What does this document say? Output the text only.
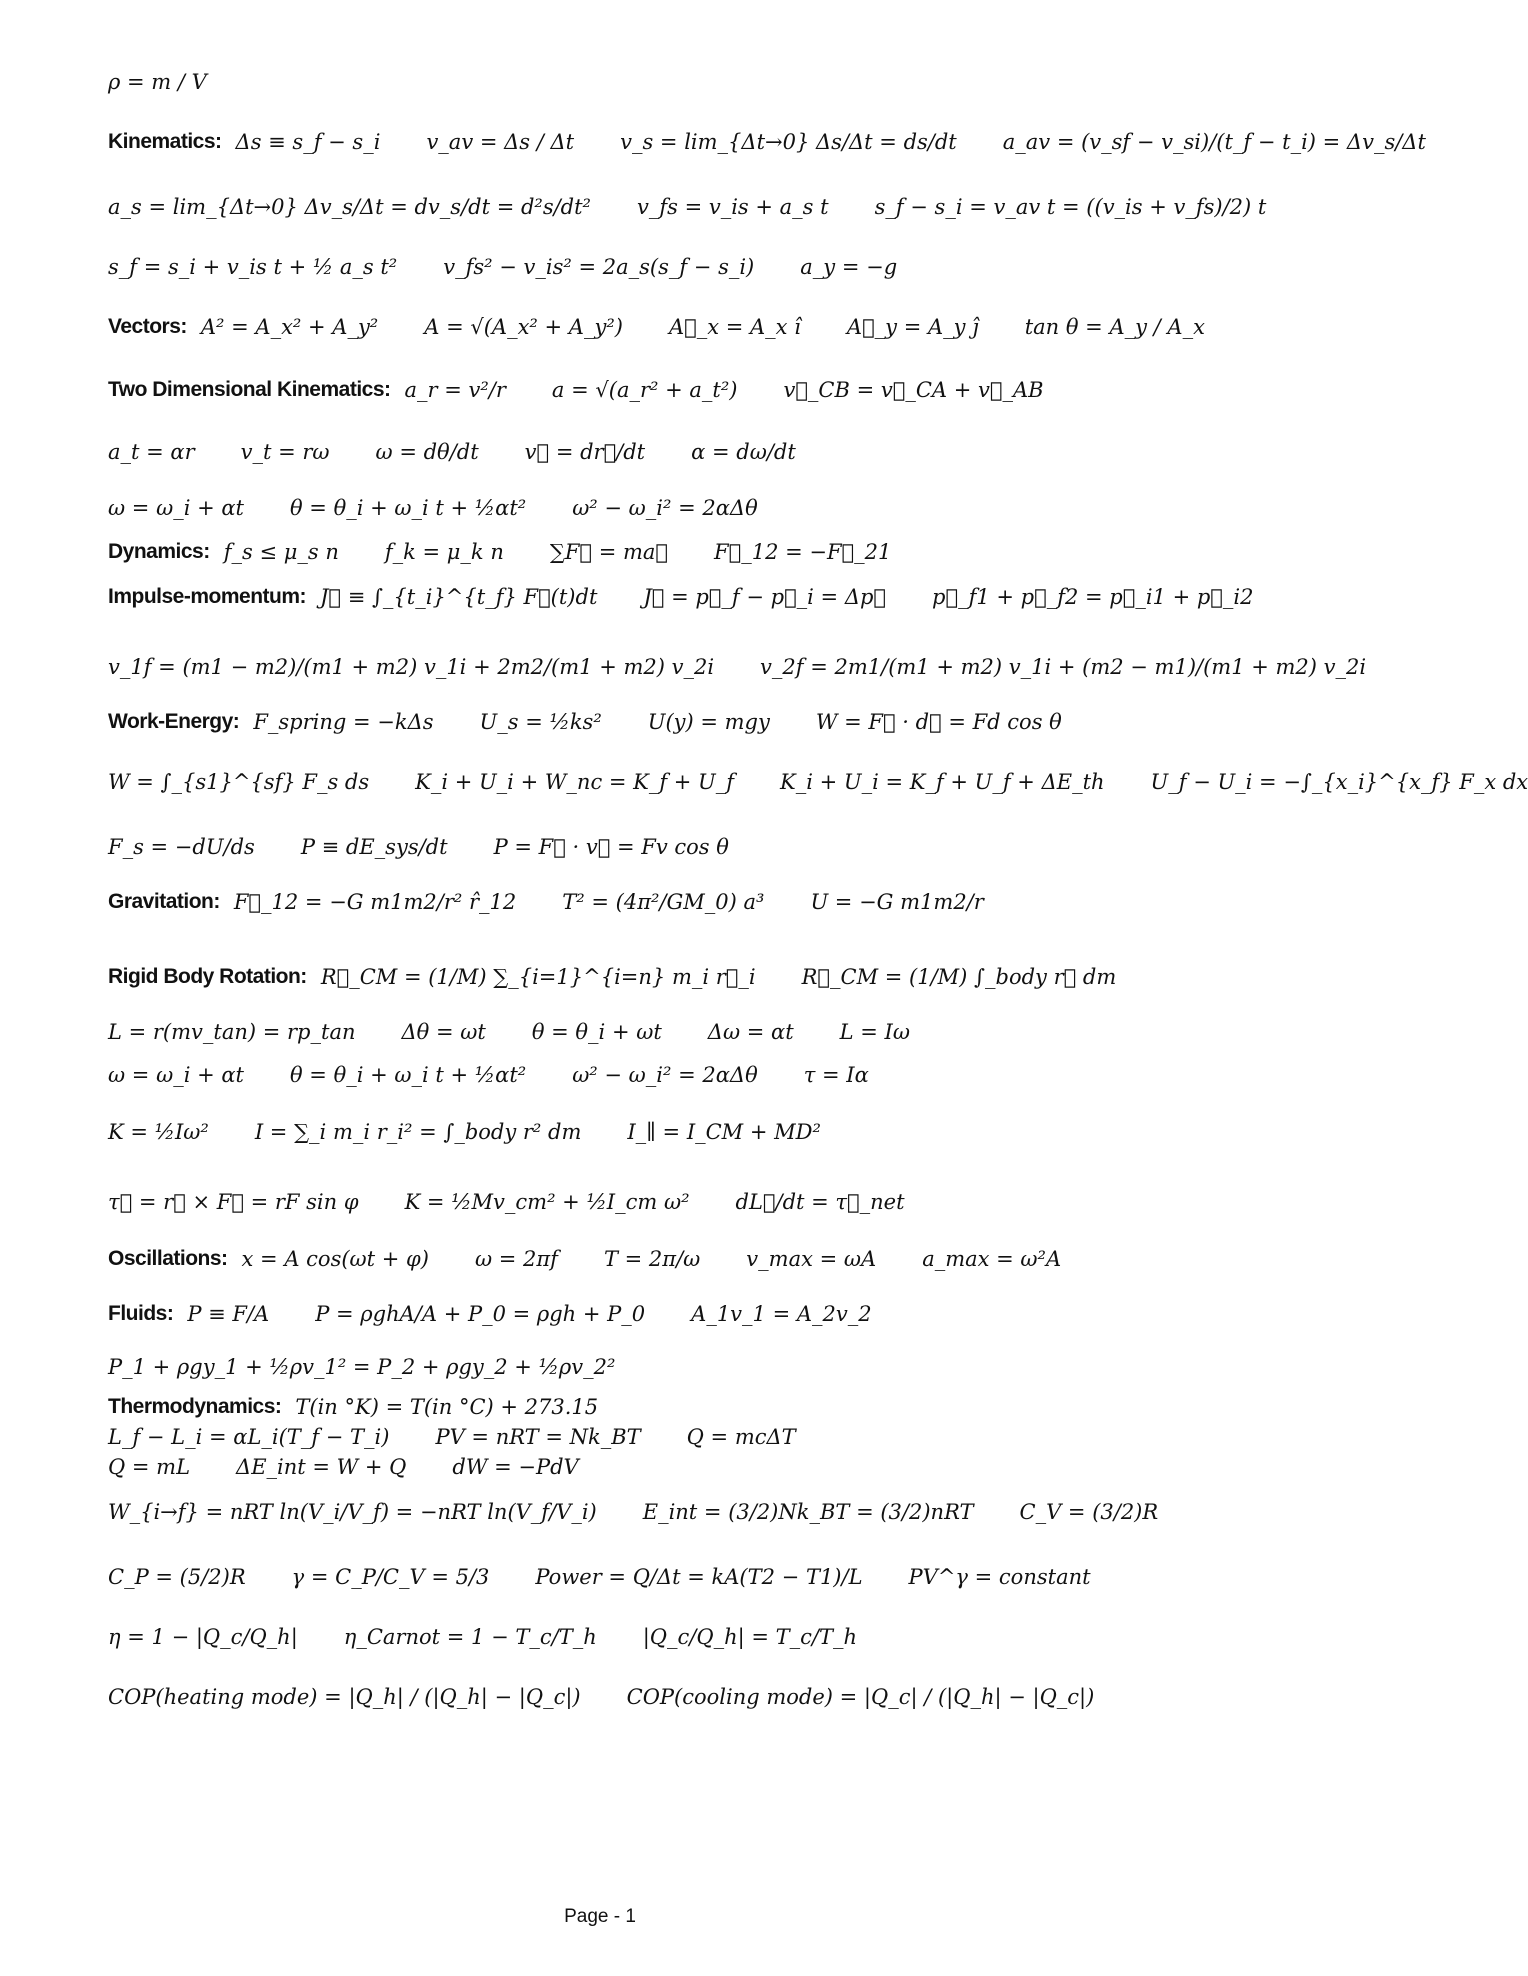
ρ = m / V
Kinematics: Δs ≡ s_f − s_i v_av = Δs / Δt v_s = lim_{Δt→0} Δs/Δt = ds/dt a_av = (v_sf − v_si)/(t_f − t_i) = Δv_s/Δt
a_s = lim_{Δt→0} Δv_s/Δt = dv_s/dt = d²s/dt² v_fs = v_is + a_s t s_f − s_i = v_av t = ((v_is + v_fs)/2) t
s_f = s_i + v_is t + ½ a_s t² v_fs² − v_is² = 2a_s(s_f − s_i) a_y = −g
Vectors: A² = A_x² + A_y² A = √(A_x² + A_y²) A⃗_x = A_x î A⃗_y = A_y ĵ tan θ = A_y / A_x
Two Dimensional Kinematics: a_r = v²/r a = √(a_r² + a_t²) v⃗_CB = v⃗_CA + v⃗_AB
a_t = αr v_t = rω ω = dθ/dt v⃗ = dr⃗/dt α = dω/dt
ω = ω_i + αt θ = θ_i + ω_i t + ½αt² ω² − ω_i² = 2αΔθ
Dynamics: f_s ≤ μ_s n f_k = μ_k n ∑F⃗ = ma⃗ F⃗_12 = −F⃗_21
Impulse-momentum: J⃗ ≡ ∫_{t_i}^{t_f} F⃗(t)dt J⃗ = p⃗_f − p⃗_i = Δp⃗ p⃗_f1 + p⃗_f2 = p⃗_i1 + p⃗_i2
v_1f = (m1 − m2)/(m1 + m2) v_1i + 2m2/(m1 + m2) v_2i v_2f = 2m1/(m1 + m2) v_1i + (m2 − m1)/(m1 + m2) v_2i
Work-Energy: F_spring = −kΔs U_s = ½ks² U(y) = mgy W = F⃗ · d⃗ = Fd cos θ
W = ∫_{s1}^{sf} F_s ds K_i + U_i + W_nc = K_f + U_f K_i + U_i = K_f + U_f + ΔE_th U_f − U_i = −∫_{x_i}^{x_f} F_x dx
F_s = −dU/ds P ≡ dE_sys/dt P = F⃗ · v⃗ = Fv cos θ
Gravitation: F⃗_12 = −G m1m2/r² r̂_12 T² = (4π²/GM_0) a³ U = −G m1m2/r
Rigid Body Rotation: R⃗_CM = (1/M) ∑_{i=1}^{i=n} m_i r⃗_i R⃗_CM = (1/M) ∫_body r⃗ dm
L = r(mv_tan) = rp_tan Δθ = ωt θ = θ_i + ωt Δω = αt L = Iω
ω = ω_i + αt θ = θ_i + ω_i t + ½αt² ω² − ω_i² = 2αΔθ τ = Iα
K = ½Iω² I = ∑_i m_i r_i² = ∫_body r² dm I_∥ = I_CM + MD²
τ⃗ = r⃗ × F⃗ = rF sin φ K = ½Mv_cm² + ½I_cm ω² dL⃗/dt = τ⃗_net
Oscillations: x = A cos(ωt + φ) ω = 2πf T = 2π/ω v_max = ωA a_max = ω²A
Fluids: P ≡ F/A P = ρghA/A + P_0 = ρgh + P_0 A_1v_1 = A_2v_2
P_1 + ρgy_1 + ½ρv_1² = P_2 + ρgy_2 + ½ρv_2²
Thermodynamics: T(in °K) = T(in °C) + 273.15
L_f − L_i = αL_i(T_f − T_i) PV = nRT = Nk_BT Q = mcΔT
Q = mL ΔE_int = W + Q dW = −PdV
W_{i→f} = nRT ln(V_i/V_f) = −nRT ln(V_f/V_i) E_int = (3/2)Nk_BT = (3/2)nRT C_V = (3/2)R
C_P = (5/2)R γ = C_P/C_V = 5/3 Power = Q/Δt = kA(T2 − T1)/L PV^γ = constant
η = 1 − |Q_c/Q_h| η_Carnot = 1 − T_c/T_h |Q_c/Q_h| = T_c/T_h
COP(heating mode) = |Q_h| / (|Q_h| − |Q_c|) COP(cooling mode) = |Q_c| / (|Q_h| − |Q_c|)
Page - 1
